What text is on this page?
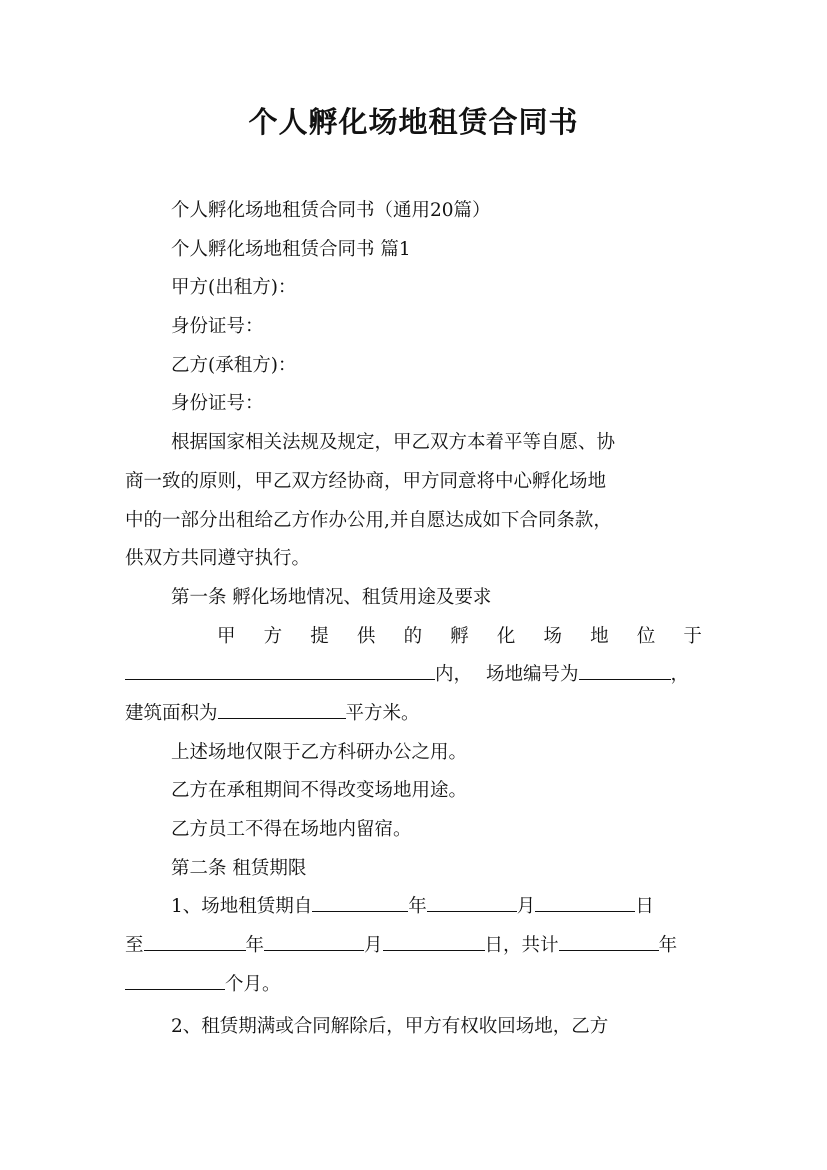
个人孵化场地租赁合同书
个人孵化场地租赁合同书（通用20篇）
个人孵化场地租赁合同书 篇1
甲方(出租方)：
身份证号：
乙方(承租方)：
身份证号：
根据国家相关法规及规定，甲乙双方本着平等自愿、协
商一致的原则，甲乙双方经协商，甲方同意将中心孵化场地
中的一部分出租给乙方作办公用,并自愿达成如下合同条款，
供双方共同遵守执行。
第一条 孵化场地情况、租赁用途及要求
甲 方 提 供 的 孵 化 场 地 位 于
内， 场地编号为	，
建筑面积为	平方米。
上述场地仅限于乙方科研办公之用。
乙方在承租期间不得改变场地用途。
乙方员工不得在场地内留宿。
第二条 租赁期限
1、场地租赁期自	年	月	日
至	年	月	日，共计	年
个月。
2、租赁期满或合同解除后，甲方有权收回场地，乙方
